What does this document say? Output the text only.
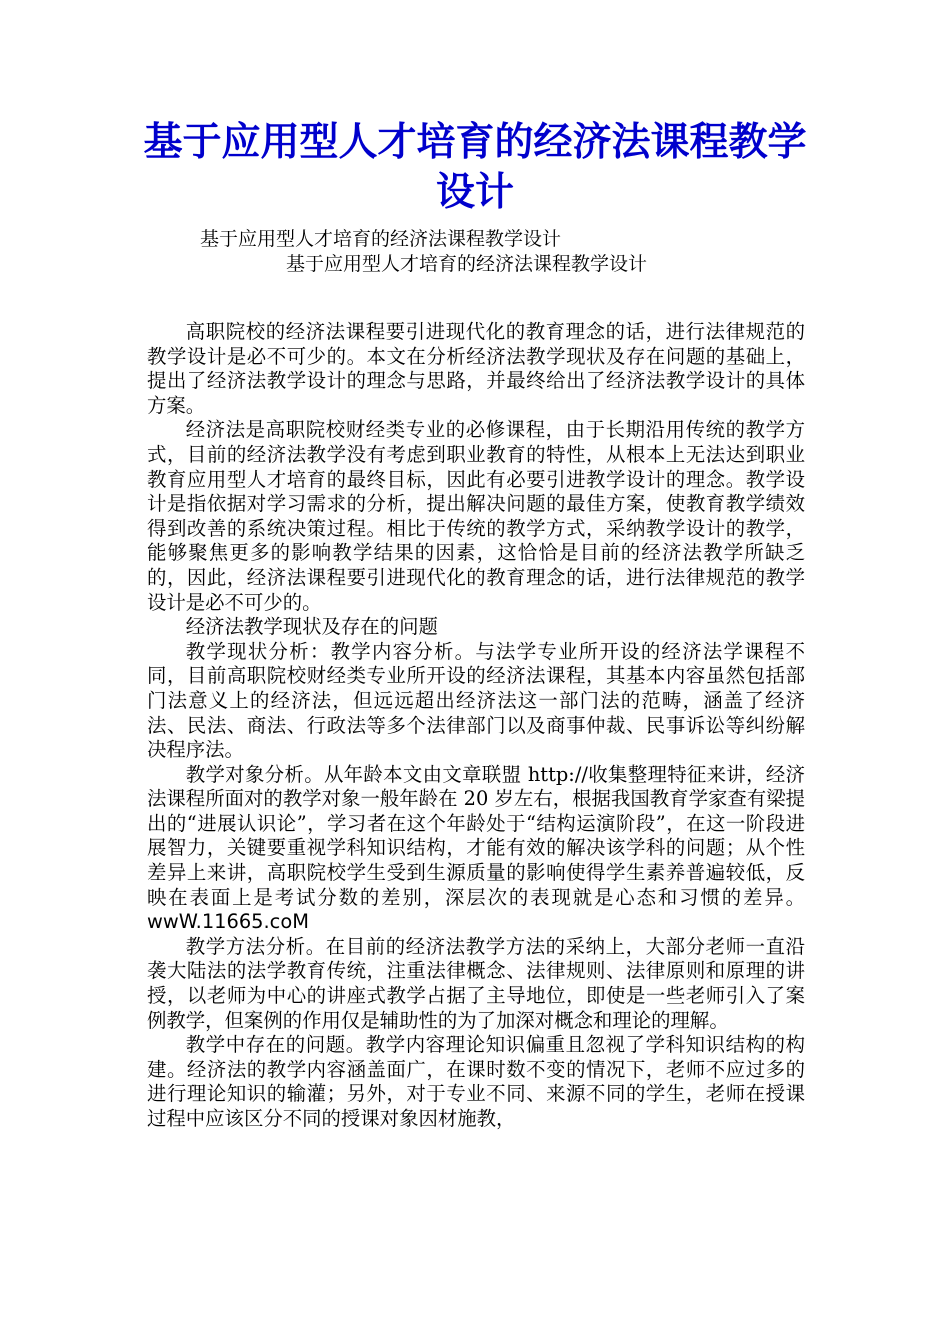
基于应用型人才培育的经济法课程教学设计
基于应用型人才培育的经济法课程教学设计
基于应用型人才培育的经济法课程教学设计

高职院校的经济法课程要引进现代化的教育理念的话，进行法律规范的教学设计是必不可少的。本文在分析经济法教学现状及存在问题的基础上，提出了经济法教学设计的理念与思路，并最终给出了经济法教学设计的具体方案。

经济法是高职院校财经类专业的必修课程，由于长期沿用传统的教学方式，目前的经济法教学没有考虑到职业教育的特性，从根本上无法达到职业教育应用型人才培育的最终目标，因此有必要引进教学设计的理念。教学设计是指依据对学习需求的分析，提出解决问题的最佳方案，使教育教学绩效得到改善的系统决策过程。相比于传统的教学方式，采纳教学设计的教学，能够聚焦更多的影响教学结果的因素，这恰恰是目前的经济法教学所缺乏的，因此，经济法课程要引进现代化的教育理念的话，进行法律规范的教学设计是必不可少的。

经济法教学现状及存在的问题

教学现状分析：教学内容分析。与法学专业所开设的经济法学课程不同，目前高职院校财经类专业所开设的经济法课程，其基本内容虽然包括部门法意义上的经济法，但远远超出经济法这一部门法的范畴，涵盖了经济法、民法、商法、行政法等多个法律部门以及商事仲裁、民事诉讼等纠纷解决程序法。

教学对象分析。从年龄本文由文章联盟 http://收集整理特征来讲，经济法课程所面对的教学对象一般年龄在 20 岁左右，根据我国教育学家查有梁提出的“进展认识论”，学习者在这个年龄处于“结构运演阶段”，在这一阶段进展智力，关键要重视学科知识结构，才能有效的解决该学科的问题；从个性差异上来讲，高职院校学生受到生源质量的影响使得学生素养普遍较低，反映在表面上是考试分数的差别，深层次的表现就是心态和习惯的差异。

wwW.11665.coM

教学方法分析。在目前的经济法教学方法的采纳上，大部分老师一直沿袭大陆法的法学教育传统，注重法律概念、法律规则、法律原则和原理的讲授，以老师为中心的讲座式教学占据了主导地位，即使是一些老师引入了案例教学，但案例的作用仅是辅助性的为了加深对概念和理论的理解。

教学中存在的问题。教学内容理论知识偏重且忽视了学科知识结构的构建。经济法的教学内容涵盖面广，在课时数不变的情况下，老师不应过多的进行理论知识的输灌；另外，对于专业不同、来源不同的学生，老师在授课过程中应该区分不同的授课对象因材施教，
